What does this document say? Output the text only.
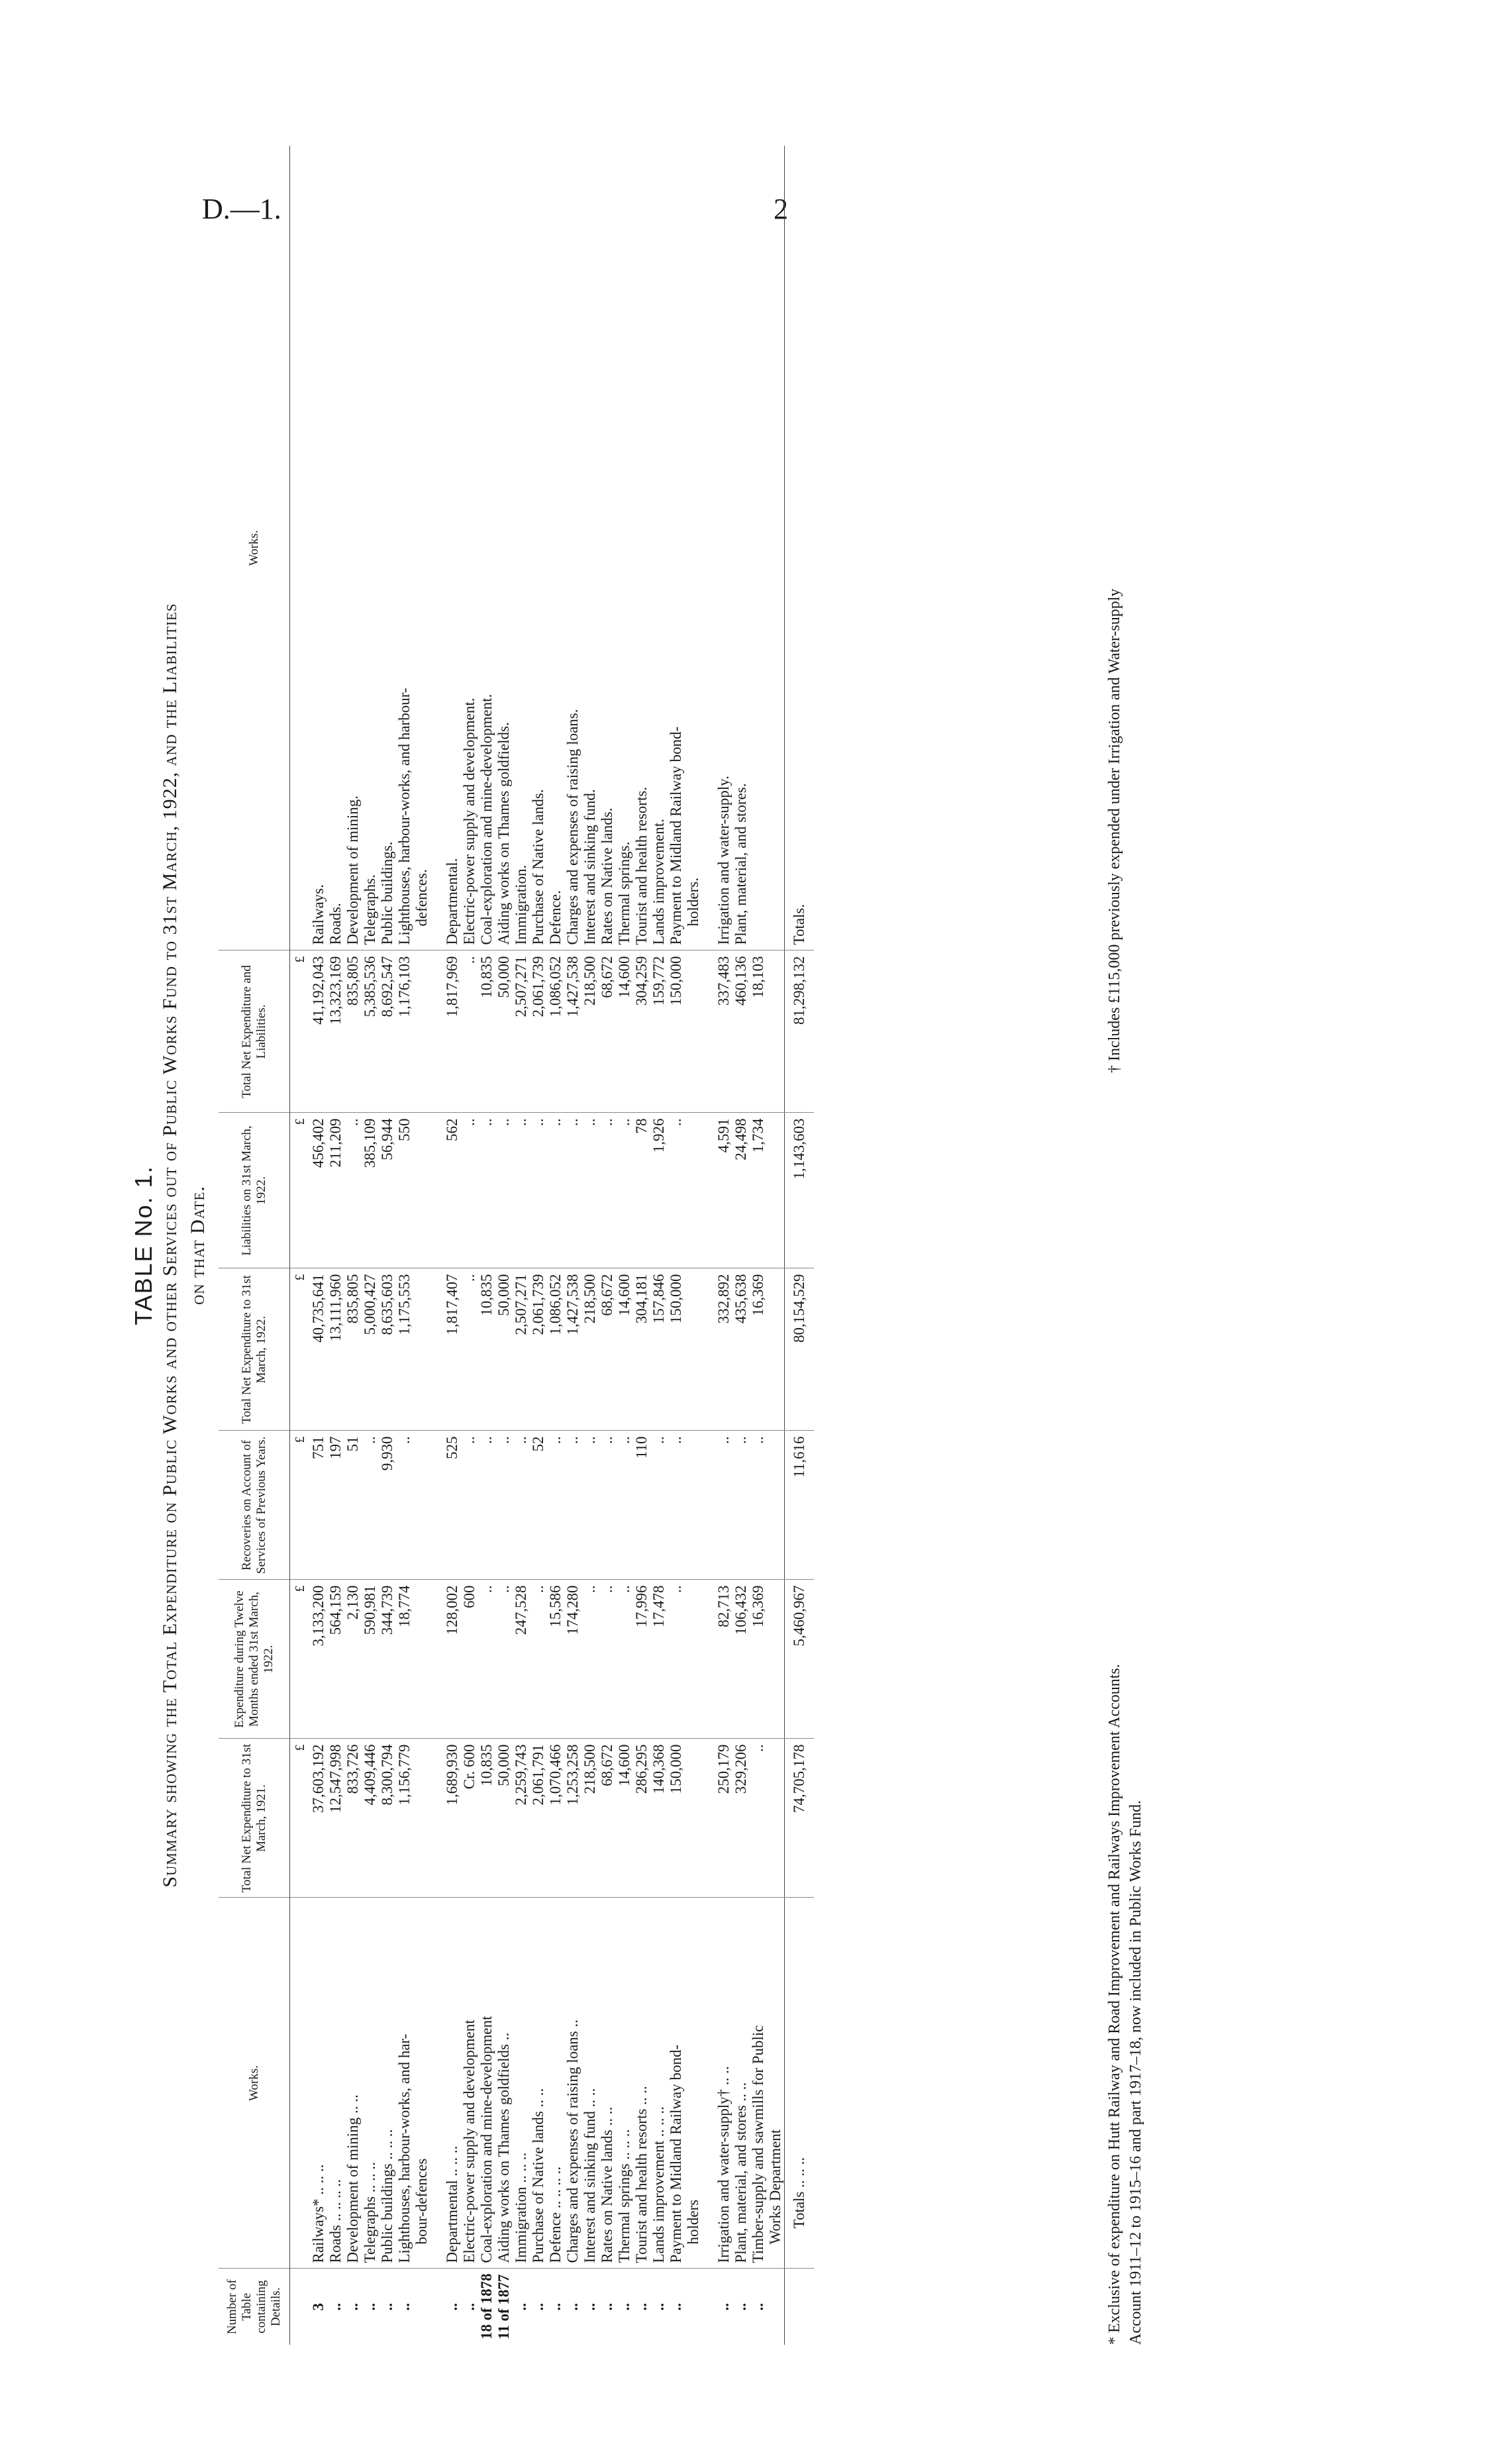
D.—1.	2
TABLE No. 1. Summary showing the Total Expenditure on Public Works and other Services out of Public Works Fund to 31st March, 1922, and the Liabilities on that Date.
Number of Table containing Details.	Works.	Total Net Expenditure to 31st March, 1921.	Expenditure during Twelve Months ended 31st March, 1922.	Recoveries on Account of Services of Previous Years.	Total Net Expenditure to 31st March, 1922.	Liabilities on 31st March, 1922.	Total Net Expenditure and Liabilities.	Works.
		£	£	£	£	£	£	
3	Railways* .. .. ..	37,603,192	3,133,200	751	40,735,641	456,402	41,192,043	Railways.
..	Roads .. .. .. ..	12,547,998	564,159	197	13,111,960	211,209	13,323,169	Roads.
..	Development of mining .. ..	833,726	2,130	51	835,805	..	835,805	Development of mining.
..	Telegraphs .. .. ..	4,409,446	590,981	..	5,000,427	385,109	5,385,536	Telegraphs.
..	Public buildings .. .. ..	8,300,794	344,739	9,930	8,635,603	56,944	8,692,547	Public buildings.
..	Lighthouses, harbour-works, and har-	1,156,779	18,774	..	1,175,553	550	1,176,103	Lighthouses, harbour-works, and harbour-
	bour-defences							defences.

..	Departmental .. .. ..	1,689,930	128,002	525	1,817,407	562	1,817,969	Departmental.
..	Electric-power supply and development	Cr. 600	600	..	..	..	..	Electric-power supply and development.
18 of 1878	Coal-exploration and mine-development	10,835	..	..	10,835	..	10,835	Coal-exploration and mine-development.
11 of 1877	Aiding works on Thames goldfields ..	50,000	..	..	50,000	..	50,000	Aiding works on Thames goldfields.
..	Immigration .. .. ..	2,259,743	247,528	..	2,507,271	..	2,507,271	Immigration.
..	Purchase of Native lands .. ..	2,061,791	..	52	2,061,739	..	2,061,739	Purchase of Native lands.
..	Defence .. .. .. ..	1,070,466	15,586	..	1,086,052	..	1,086,052	Defence.
..	Charges and expenses of raising loans ..	1,253,258	174,280	..	1,427,538	..	1,427,538	Charges and expenses of raising loans.
..	Interest and sinking fund .. ..	218,500	..	..	218,500	..	218,500	Interest and sinking fund.
..	Rates on Native lands .. ..	68,672	..	..	68,672	..	68,672	Rates on Native lands.
..	Thermal springs .. .. ..	14,600	..	..	14,600	..	14,600	Thermal springs.
..	Tourist and health resorts .. ..	286,295	17,996	110	304,181	78	304,259	Tourist and health resorts.
..	Lands improvement .. .. ..	140,368	17,478	..	157,846	1,926	159,772	Lands improvement.
..	Payment to Midland Railway bond-	150,000	..	..	150,000	..	150,000	Payment to Midland Railway bond-
	holders							holders.

..	Irrigation and water-supply† .. ..	250,179	82,713	..	332,892	4,591	337,483	Irrigation and water-supply.
..	Plant, material, and stores .. ..	329,206	106,432	..	435,638	24,498	460,136	Plant, material, and stores.
..	Timber-supply and sawmills for Public	..	16,369	..	16,369	1,734	18,103	
	Works Department							
	Totals .. .. ..	74,705,178	5,460,967	11,616	80,154,529	1,143,603	81,298,132	Totals.
* Exclusive of expenditure on Hutt Railway and Road Improvement and Railways Improvement Accounts.
† Includes £115,000 previously expended under Irrigation and Water-supply
Account 1911–12 to 1915–16 and part 1917–18, now included in Public Works Fund.
